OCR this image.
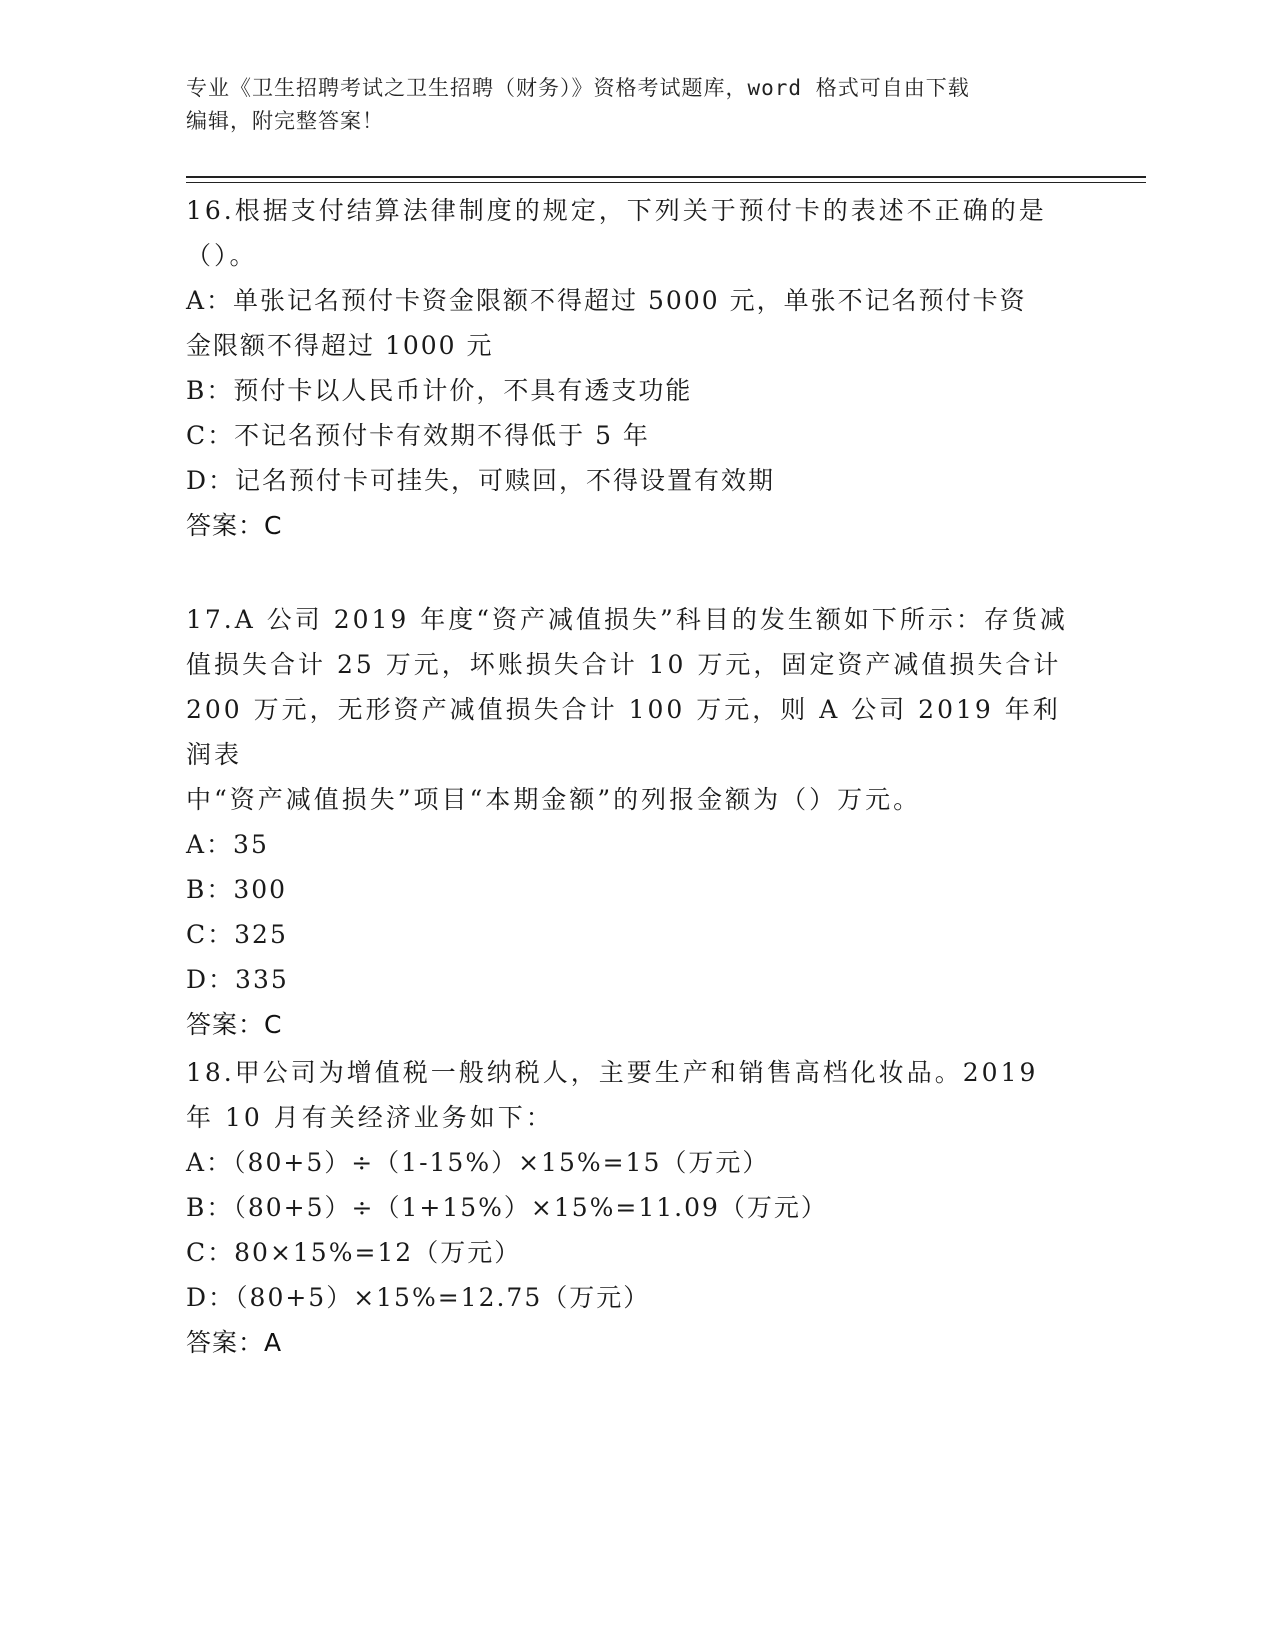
专业《卫生招聘考试之卫生招聘（财务）》资格考试题库，word 格式可自由下载
编辑，附完整答案！

16.根据支付结算法律制度的规定，下列关于预付卡的表述不正确的是

（）。

A：单张记名预付卡资金限额不得超过 5000 元，单张不记名预付卡资

金限额不得超过 1000 元

B：预付卡以人民币计价，不具有透支功能

C：不记名预付卡有效期不得低于 5 年

D：记名预付卡可挂失，可赎回，不得设置有效期

答案：C

17.A 公司 2019 年度“资产减值损失”科目的发生额如下所示：存货减

值损失合计 25 万元，坏账损失合计 10 万元，固定资产减值损失合计

200 万元，无形资产减值损失合计 100 万元，则 A 公司 2019 年利润表

中“资产减值损失”项目“本期金额”的列报金额为（）万元。

A：35

B：300

C：325

D：335

答案：C

18.甲公司为增值税一般纳税人，主要生产和销售高档化妆品。2019

年 10 月有关经济业务如下：

A：（80+5）÷（1-15%）×15%=15（万元）

B：（80+5）÷（1+15%）×15%=11.09（万元）

C：80×15%=12（万元）

D：（80+5）×15%=12.75（万元）

答案：A
